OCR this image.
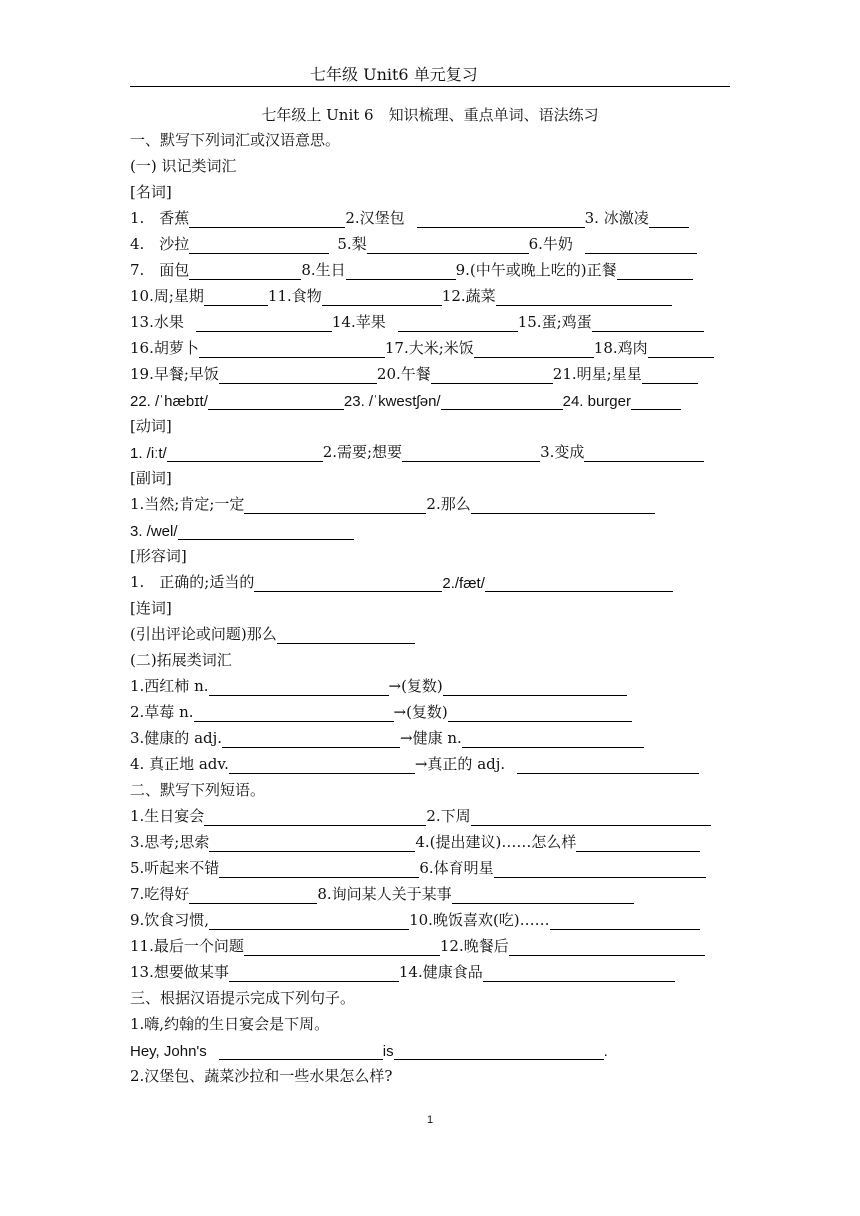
七年级 Unit6 单元复习
七年级上 Unit 6　知识梳理、重点单词、语法练习
一、默写下列词汇或汉语意思。
(一) 识记类词汇
[名词]
1.　香蕉	2.汉堡包	3. 冰激凌
4.　沙拉	5.梨	6.牛奶
7.　面包	8.生日	9.(中午或晚上吃的)正餐
10.周;星期	11.食物	12.蔬菜
13.水果	14.苹果	15.蛋;鸡蛋
16.胡萝卜	17.大米;米饭	18.鸡肉
19.早餐;早饭	20.午餐	21.明星;星星
22. /ˈhæbɪt/	23. /ˈkwestʃən/	24. burger
[动词]
1. /iːt/	2.需要;想要	3.变成
[副词]
1.当然;肯定;一定	2.那么
3. /wel/
[形容词]
1.　正确的;适当的	2./fæt/
[连词]
(引出评论或问题)那么
(二)拓展类词汇
1.西红柿 n.	→(复数)
2.草莓 n.	→(复数)
3.健康的 adj.	→健康 n.
4. 真正地 adv.	→真正的 adj.
二、默写下列短语。
1.生日宴会	2.下周
3.思考;思索	4.(提出建议)……怎么样
5.听起来不错	6.体育明星
7.吃得好	8.询问某人关于某事
9.饮食习惯,	10.晚饭喜欢(吃)……
11.最后一个问题	12.晚餐后
13.想要做某事	14.健康食品
三、根据汉语提示完成下列句子。
1.嗨,约翰的生日宴会是下周。
Hey, John's	is	.
2.汉堡包、蔬菜沙拉和一些水果怎么样?
1
